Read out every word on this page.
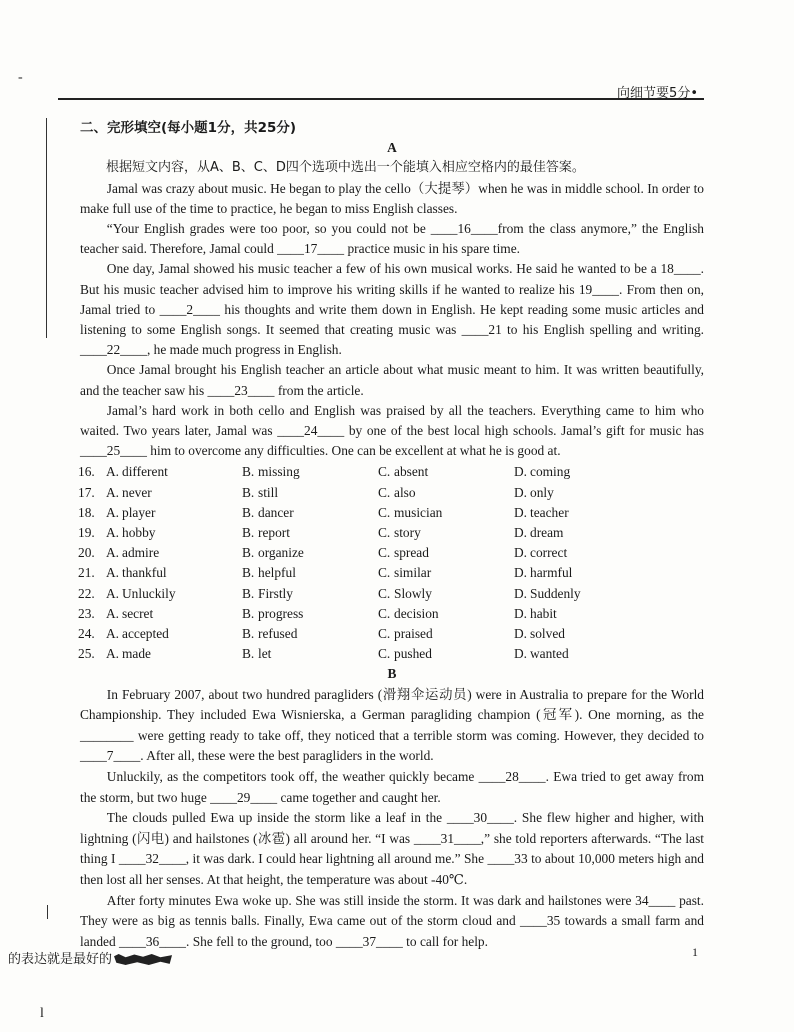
-
向细节要5分•

二、完形填空(每小题1分，共25分)

A

根据短文内容，从A、B、C、D四个选项中选出一个能填入相应空格内的最佳答案。

Jamal was crazy about music. He began to play the cello（大提琴）when he was in middle school. In order to make full use of the time to practice, he began to miss English classes.

“Your English grades were too poor, so you could not be ____16____from the class anymore,” the English teacher said. Therefore, Jamal could ____17____ practice music in his spare time.

One day, Jamal showed his music teacher a few of his own musical works. He said he wanted to be a 18____. But his music teacher advised him to improve his writing skills if he wanted to realize his 19____. From then on, Jamal tried to ____2____ his thoughts and write them down in English. He kept reading some music articles and listening to some English songs. It seemed that creating music was ____21 to his English spelling and writing. ____22____, he made much progress in English.

Once Jamal brought his English teacher an article about what music meant to him. It was written beautifully, and the teacher saw his ____23____ from the article.

Jamal’s hard work in both cello and English was praised by all the teachers. Everything came to him who waited. Two years later, Jamal was ____24____ by one of the best local high schools. Jamal’s gift for music has ____25____ him to overcome any difficulties. One can be excellent at what he is good at.

16.	A.	different	B.	missing	C.	absent	D.	coming
17.	A.	never	B.	still	C.	also	D.	only
18.	A.	player	B.	dancer	C.	musician	D.	teacher
19.	A.	hobby	B.	report	C.	story	D.	dream
20.	A.	admire	B.	organize	C.	spread	D.	correct
21.	A.	thankful	B.	helpful	C.	similar	D.	harmful
22.	A.	Unluckily	B.	Firstly	C.	Slowly	D.	Suddenly
23.	A.	secret	B.	progress	C.	decision	D.	habit
24.	A.	accepted	B.	refused	C.	praised	D.	solved
25.	A.	made	B.	let	C.	pushed	D.	wanted

B

In February 2007, about two hundred paragliders (滑翔伞运动员) were in Australia to prepare for the World Championship. They included Ewa Wisnierska, a German paragliding champion (冠军). One morning, as the ________ were getting ready to take off, they noticed that a terrible storm was coming. However, they decided to ____7____. After all, these were the best paragliders in the world.

Unluckily, as the competitors took off, the weather quickly became ____28____. Ewa tried to get away from the storm, but two huge ____29____ came together and caught her.

The clouds pulled Ewa up inside the storm like a leaf in the ____30____. She flew higher and higher, with lightning (闪电) and hailstones (冰雹) all around her. “I was ____31____,” she told reporters afterwards. “The last thing I ____32____, it was dark. I could hear lightning all around me.” She ____33 to about 10,000 meters high and then lost all her senses. At that height, the temperature was about -40℃.

After forty minutes Ewa woke up. She was still inside the storm. It was dark and hailstones were 34____ past. They were as big as tennis balls. Finally, Ewa came out of the storm cloud and ____35 towards a small farm and landed ____36____. She fell to the ground, too ____37____ to call for help.

1
的表达就是最好的
l
